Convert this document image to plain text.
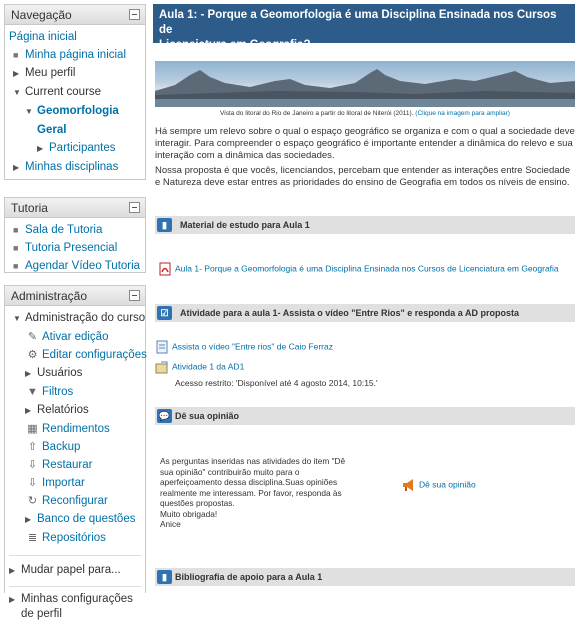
Navegação
Página inicial
■ Minha página inicial
▶ Meu perfil
▼ Current course
▼ Geomorfologia
Geral
▶ Participantes
▶ Minhas disciplinas
Tutoria
■ Sala de Tutoria
■ Tutoria Presencial
■ Agendar Vídeo Tutoria
Administração
▼ Administração do curso
✎ Ativar edição
⚙ Editar configurações
▶ Usuários
▼ Filtros
▶ Relatórios
▦ Rendimentos
⇧ Backup
⇩ Restaurar
⇩ Importar
↻ Reconfigurar
▶ Banco de questões
≣ Repositórios
▶ Mudar papel para...
▶ Minhas configurações
de perfil
Aula 1: - Porque a Geomorfologia é uma Disciplina Ensinada nos Cursos de
Licenciatura em Geografia?
Vista do litoral do Rio de Janeiro a partir do litoral de Niterói (2011). (Clique na imagem para ampliar)
Há sempre um relevo sobre o qual o espaço geográfico se organiza e com o qual a sociedade deve interagir. Para compreender o espaço geográfico é importante entender a dinâmica do relevo e sua interação com a dinâmica das sociedades.
Nossa proposta é que vocês, licenciandos, percebam que entender as interações entre Sociedade e Natureza deve estar entres as prioridades do ensino de Geografia em todos os níveis de ensino.
▮	Material de estudo para Aula 1
Aula 1- Porque a Geomorfologia é uma Disciplina Ensinada nos Cursos de Licenciatura em Geografia
☑	Atividade para a aula 1- Assista o vídeo "Entre Rios" e responda a AD proposta
Assista o vídeo "Entre rios" de Caio Ferraz
Atividade 1 da AD1
Acesso restrito: 'Disponível até 4 agosto 2014, 10:15.'
💬 Dê sua opinião
As perguntas inseridas nas atividades do item "Dê
sua opinião" contribuirão muito para o
aperfeiçoamento dessa disciplina.Suas opiniões
realmente me interessam. Por favor, responda às
questões propostas.
Muito obrigada!
Anice
Dê sua opinião
▮ Bibliografia de apoio para a Aula 1
